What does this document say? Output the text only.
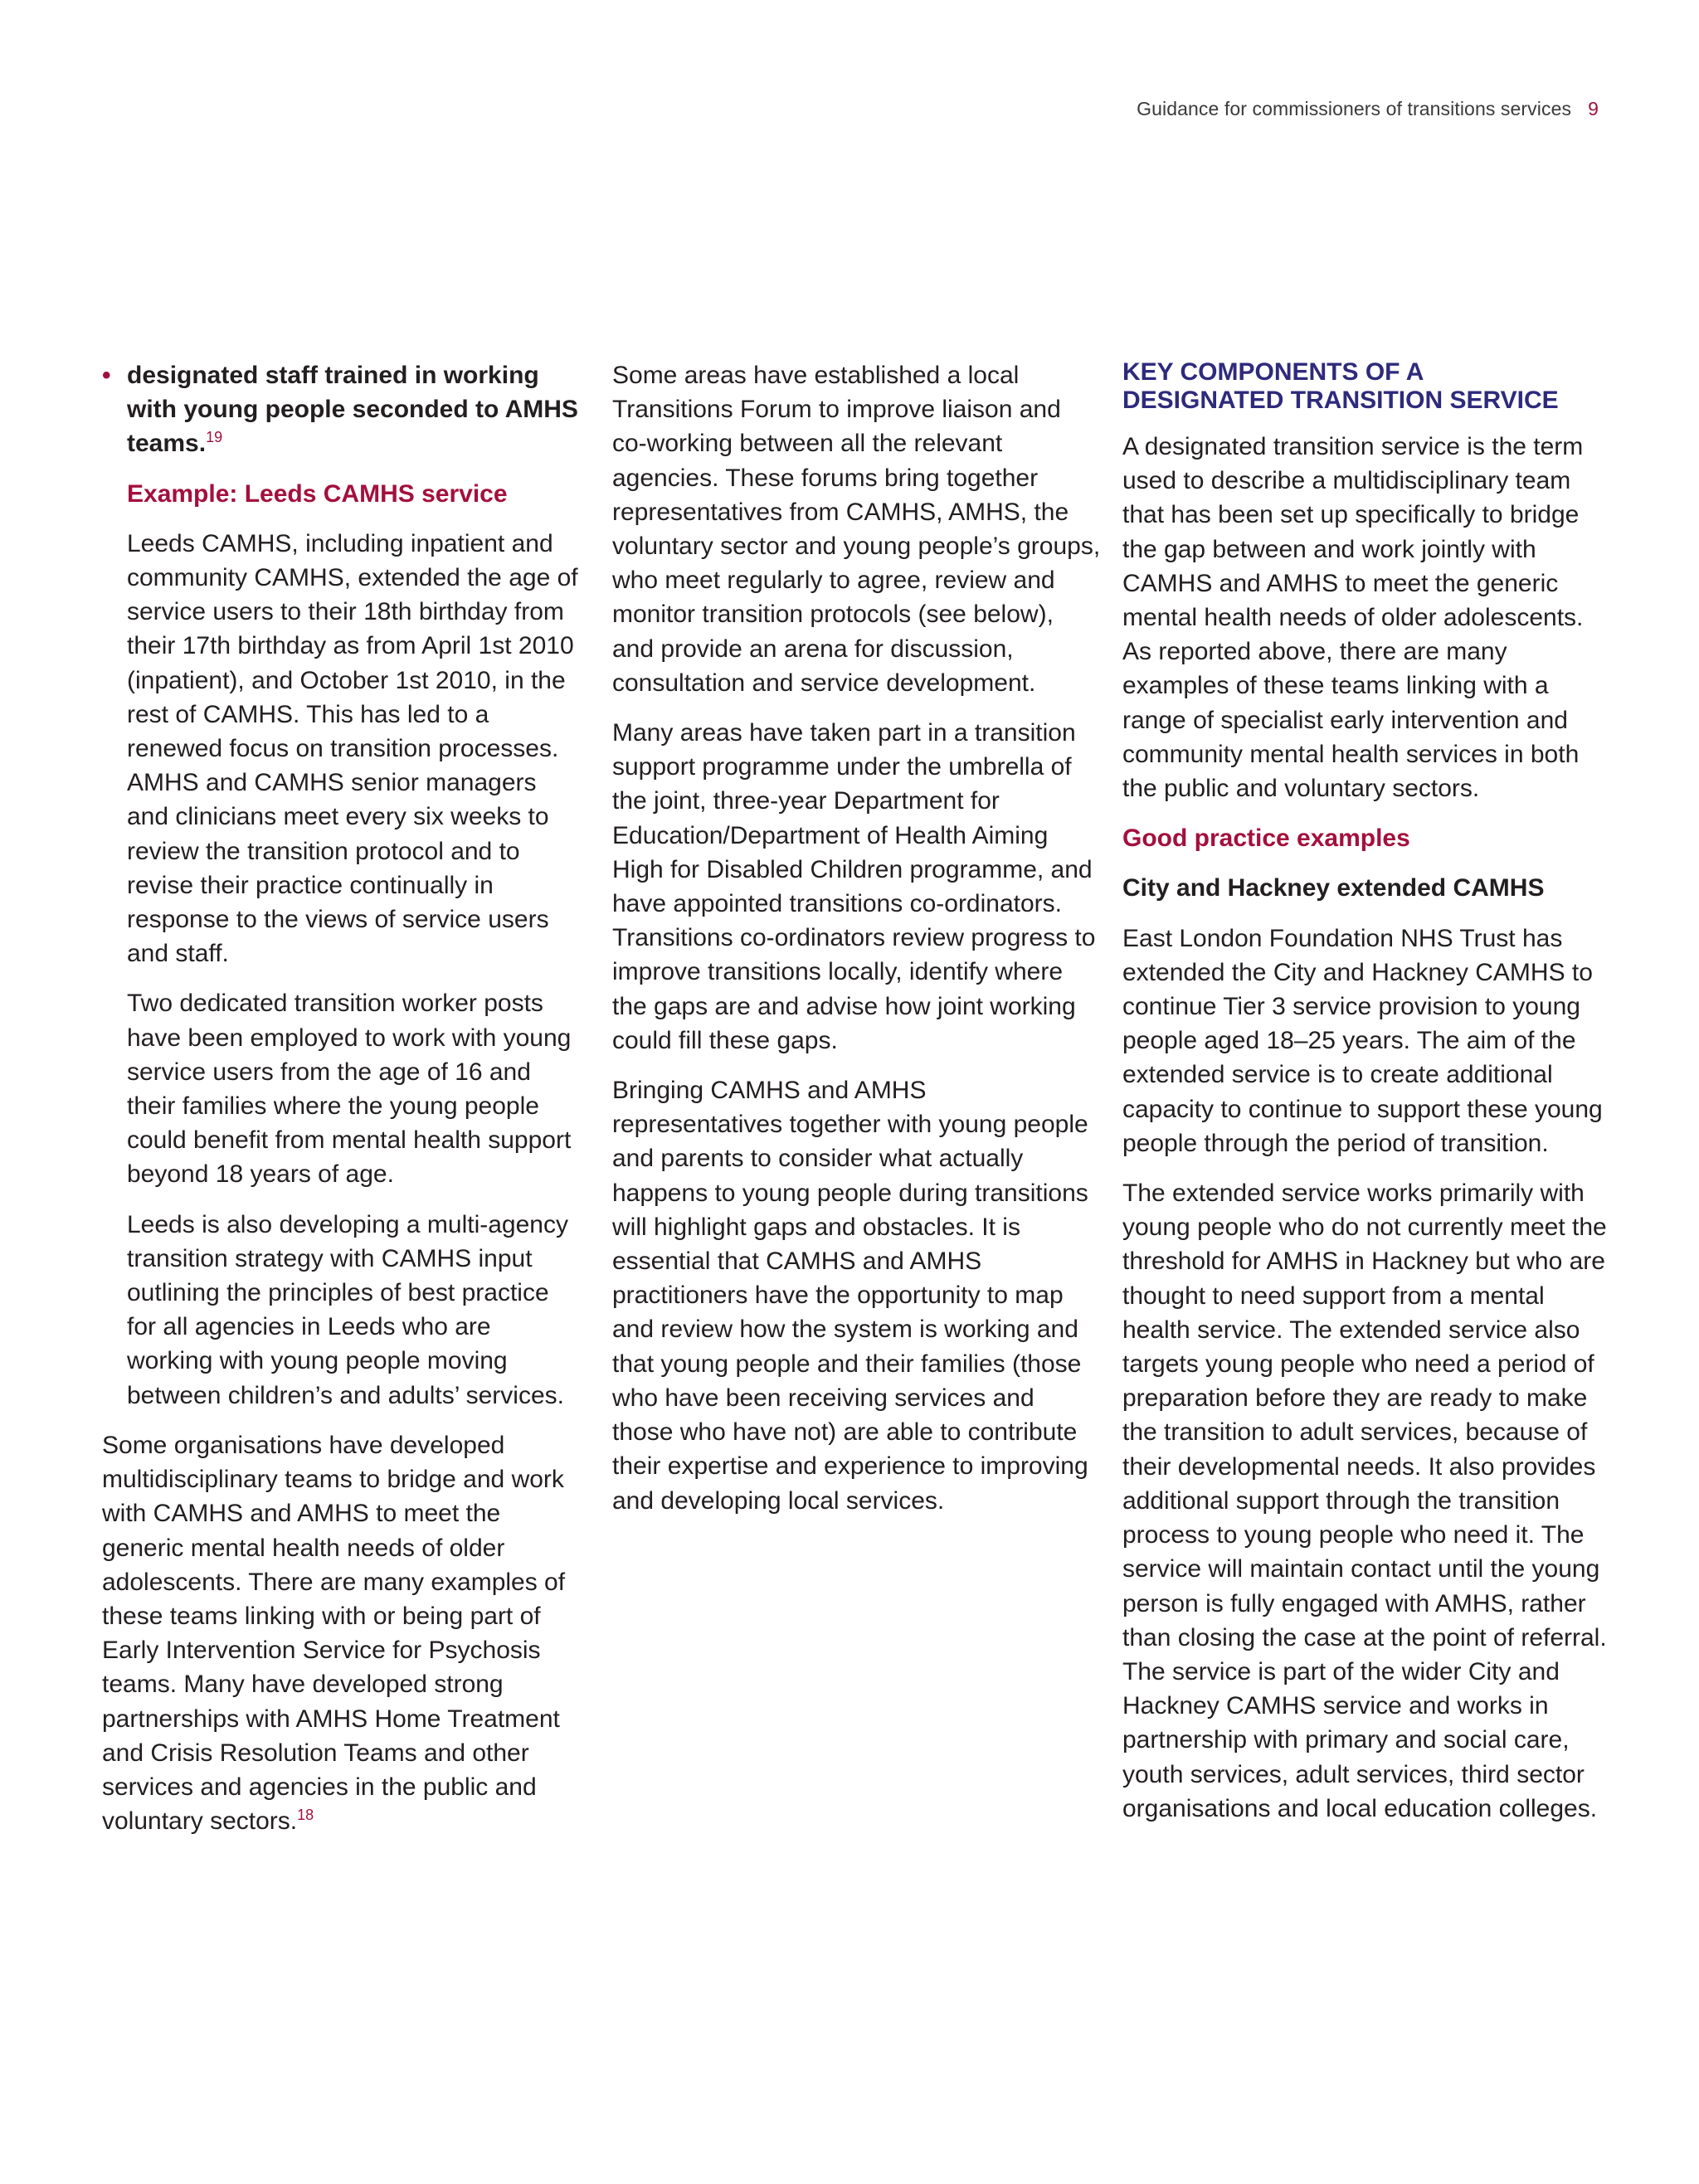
Guidance for commissioners of transitions services 9

• designated staff trained in working with young people seconded to AMHS teams.$^{19}$

Example: Leeds CAMHS service

Leeds CAMHS, including inpatient and community CAMHS, extended the age of service users to their 18th birthday from their 17th birthday as from April 1st 2010 (inpatient), and October 1st 2010, in the rest of CAMHS. This has led to a renewed focus on transition processes. AMHS and CAMHS senior managers and clinicians meet every six weeks to review the transition protocol and to revise their practice continually in response to the views of service users and staff.

Two dedicated transition worker posts have been employed to work with young service users from the age of 16 and their families where the young people could benefit from mental health support beyond 18 years of age.

Leeds is also developing a multi-agency transition strategy with CAMHS input outlining the principles of best practice for all agencies in Leeds who are working with young people moving between children’s and adults’ services.

Some organisations have developed multidisciplinary teams to bridge and work with CAMHS and AMHS to meet the generic mental health needs of older adolescents. There are many examples of these teams linking with or being part of Early Intervention Service for Psychosis teams. Many have developed strong partnerships with AMHS Home Treatment and Crisis Resolution Teams and other services and agencies in the public and voluntary sectors.$^{18}$

Some areas have established a local Transitions Forum to improve liaison and co-working between all the relevant agencies. These forums bring together representatives from CAMHS, AMHS, the voluntary sector and young people’s groups, who meet regularly to agree, review and monitor transition protocols (see below), and provide an arena for discussion, consultation and service development.

Many areas have taken part in a transition support programme under the umbrella of the joint, three-year Department for Education/Department of Health Aiming High for Disabled Children programme, and have appointed transitions co-ordinators. Transitions co-ordinators review progress to improve transitions locally, identify where the gaps are and advise how joint working could fill these gaps.

Bringing CAMHS and AMHS representatives together with young people and parents to consider what actually happens to young people during transitions will highlight gaps and obstacles. It is essential that CAMHS and AMHS practitioners have the opportunity to map and review how the system is working and that young people and their families (those who have been receiving services and those who have not) are able to contribute their expertise and experience to improving and developing local services.

KEY COMPONENTS OF A
DESIGNATED TRANSITION SERVICE

A designated transition service is the term used to describe a multidisciplinary team that has been set up specifically to bridge the gap between and work jointly with CAMHS and AMHS to meet the generic mental health needs of older adolescents. As reported above, there are many examples of these teams linking with a range of specialist early intervention and community mental health services in both the public and voluntary sectors.

Good practice examples

City and Hackney extended CAMHS

East London Foundation NHS Trust has extended the City and Hackney CAMHS to continue Tier 3 service provision to young people aged 18–25 years. The aim of the extended service is to create additional capacity to continue to support these young people through the period of transition.

The extended service works primarily with young people who do not currently meet the threshold for AMHS in Hackney but who are thought to need support from a mental health service. The extended service also targets young people who need a period of preparation before they are ready to make the transition to adult services, because of their developmental needs. It also provides additional support through the transition process to young people who need it. The service will maintain contact until the young person is fully engaged with AMHS, rather than closing the case at the point of referral. The service is part of the wider City and Hackney CAMHS service and works in partnership with primary and social care, youth services, adult services, third sector organisations and local education colleges.
